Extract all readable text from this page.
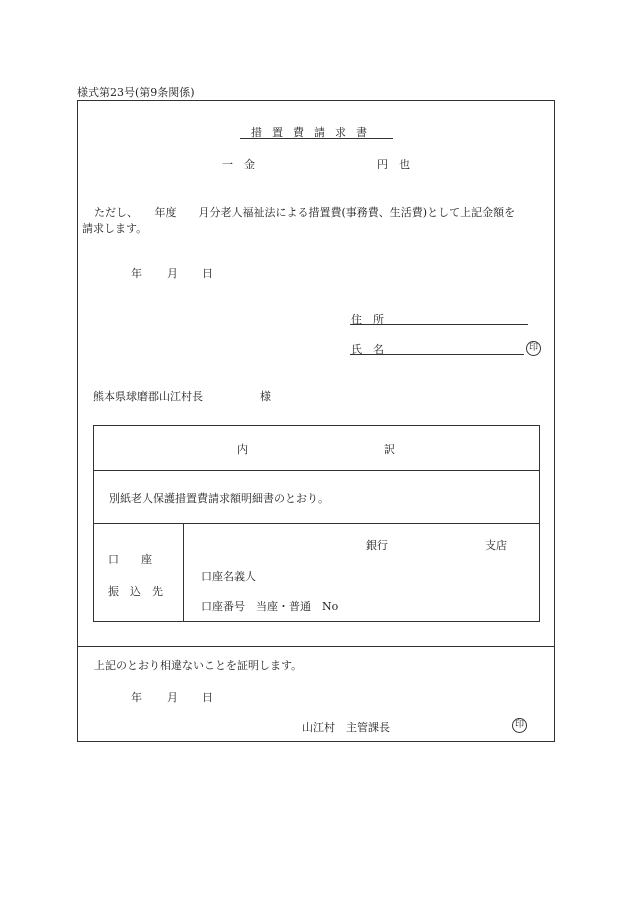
様式第23号(第9条関係)
措置費請求書
一　金	円　也
ただし、　　年度　　月分老人福祉法による措置費(事務費、生活費)として上記金額を
請求します。
年 月 日
住　所
氏　名	印
熊本県球磨郡山江村長	様
内	訳
別紙老人保護措置費請求額明細書のとおり。
口　　座
振　込　先
銀行	支店
口座名義人
口座番号　当座・普通　No
上記のとおり相違ないことを証明します。
年 月 日
山江村　主管課長	印
